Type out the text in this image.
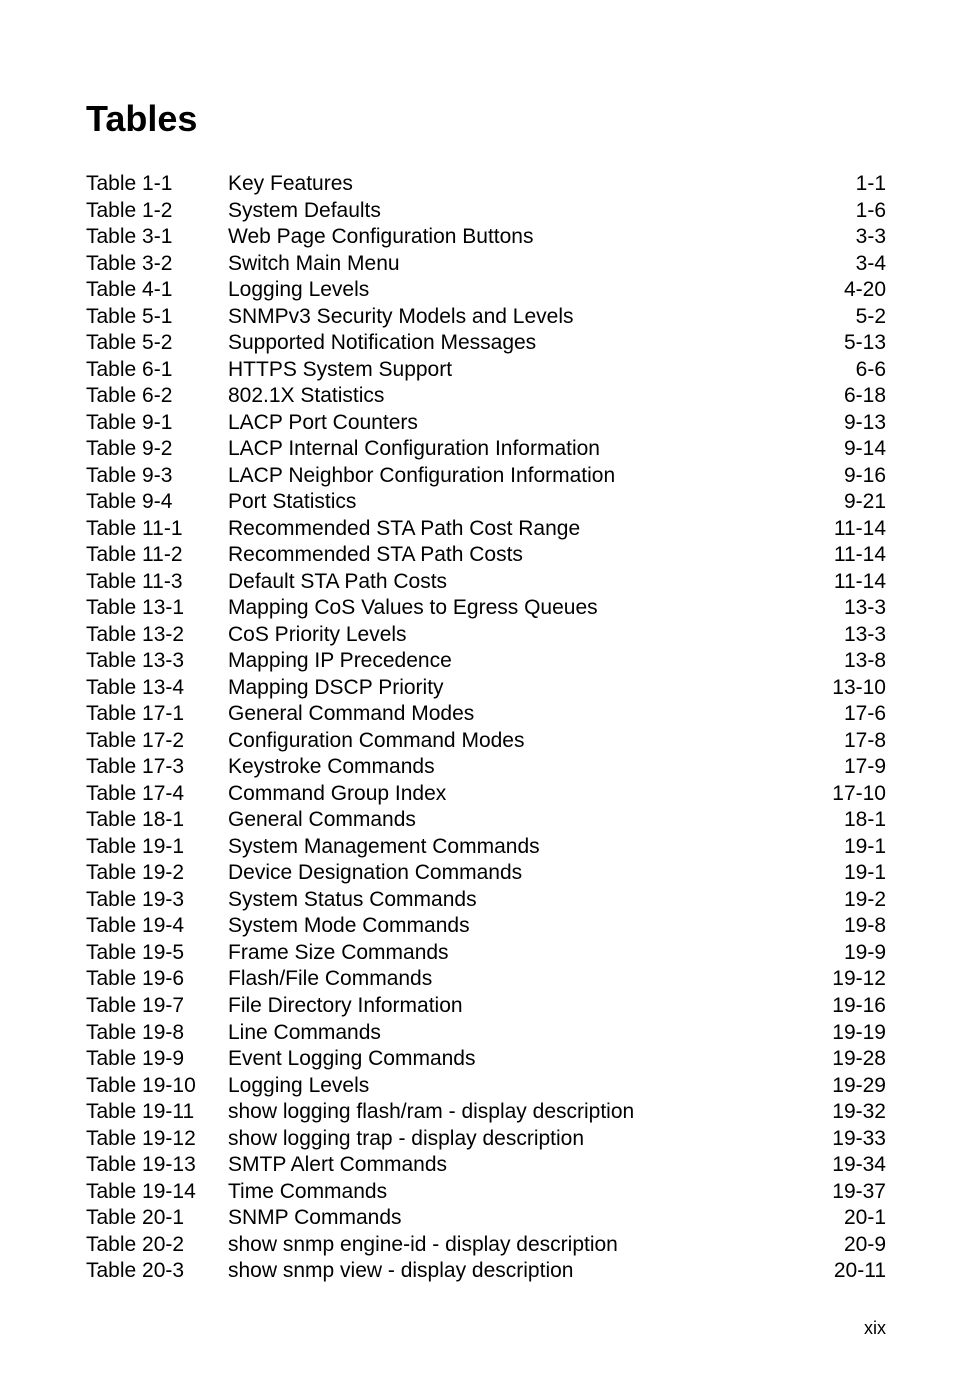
Tables
Table 1-1	Key Features	1-1
Table 1-2	System Defaults	1-6
Table 3-1	Web Page Configuration Buttons	3-3
Table 3-2	Switch Main Menu	3-4
Table 4-1	Logging Levels	4-20
Table 5-1	SNMPv3 Security Models and Levels	5-2
Table 5-2	Supported Notification Messages	5-13
Table 6-1	HTTPS System Support	6-6
Table 6-2	802.1X Statistics	6-18
Table 9-1	LACP Port Counters	9-13
Table 9-2	LACP Internal Configuration Information	9-14
Table 9-3	LACP Neighbor Configuration Information	9-16
Table 9-4	Port Statistics	9-21
Table 11-1	Recommended STA Path Cost Range	11-14
Table 11-2	Recommended STA Path Costs	11-14
Table 11-3	Default STA Path Costs	11-14
Table 13-1	Mapping CoS Values to Egress Queues	13-3
Table 13-2	CoS Priority Levels	13-3
Table 13-3	Mapping IP Precedence	13-8
Table 13-4	Mapping DSCP Priority	13-10
Table 17-1	General Command Modes	17-6
Table 17-2	Configuration Command Modes	17-8
Table 17-3	Keystroke Commands	17-9
Table 17-4	Command Group Index	17-10
Table 18-1	General Commands	18-1
Table 19-1	System Management Commands	19-1
Table 19-2	Device Designation Commands	19-1
Table 19-3	System Status Commands	19-2
Table 19-4	System Mode Commands	19-8
Table 19-5	Frame Size Commands	19-9
Table 19-6	Flash/File Commands	19-12
Table 19-7	File Directory Information	19-16
Table 19-8	Line Commands	19-19
Table 19-9	Event Logging Commands	19-28
Table 19-10	Logging Levels	19-29
Table 19-11	show logging flash/ram - display description	19-32
Table 19-12	show logging trap - display description	19-33
Table 19-13	SMTP Alert Commands	19-34
Table 19-14	Time Commands	19-37
Table 20-1	SNMP Commands	20-1
Table 20-2	show snmp engine-id - display description	20-9
Table 20-3	show snmp view - display description	20-11
xix
